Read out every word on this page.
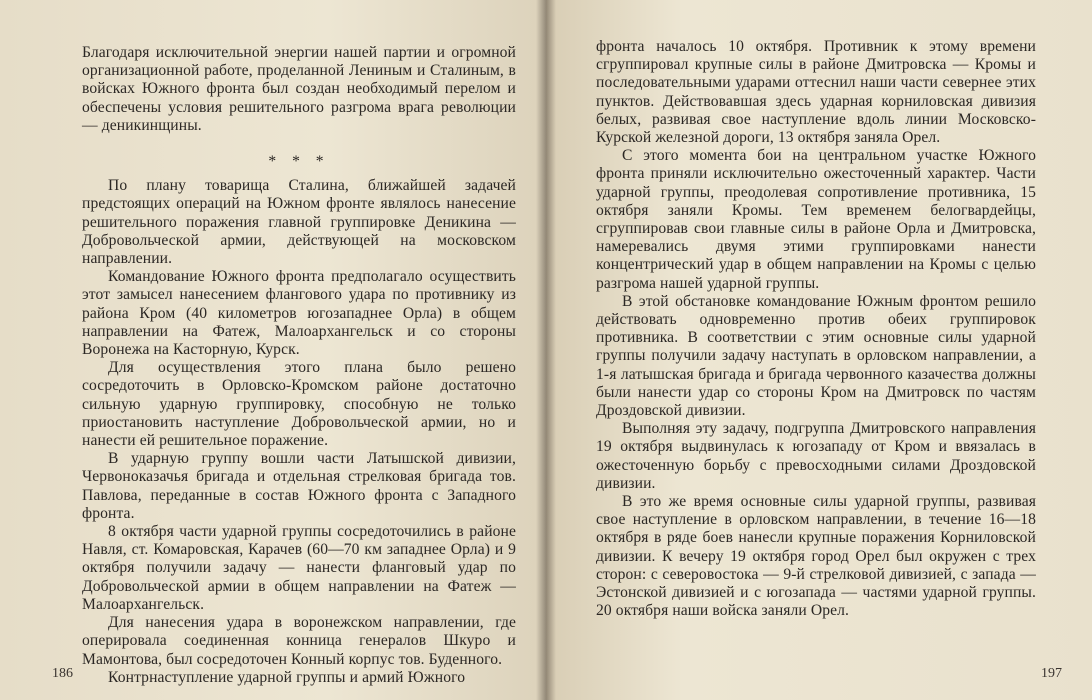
Благодаря исключительной энергии нашей партии и огромной организационной работе, проделанной Лениным и Сталиным, в войсках Южного фронта был создан необходимый перелом и обеспечены условия решительного разгрома врага революции — деникинщины.

* * *

По плану товарища Сталина, ближайшей задачей предстоящих операций на Южном фронте являлось нанесение решительного поражения главной группировке Деникина — Добровольческой армии, действующей на московском направлении.

Командование Южного фронта предполагало осуществить этот замысел нанесением флангового удара по противнику из района Кром (40 километров югозападнее Орла) в общем направлении на Фатеж, Малоархангельск и со стороны Воронежа на Касторную, Курск.

Для осуществления этого плана было решено сосредоточить в Орловско-Кромском районе достаточно сильную ударную группировку, способную не только приостановить наступление Добровольческой армии, но и нанести ей решительное поражение.

В ударную группу вошли части Латышской дивизии, Червоноказачья бригада и отдельная стрелковая бригада тов. Павлова, переданные в состав Южного фронта с Западного фронта.

8 октября части ударной группы сосредоточились в районе Навля, ст. Комаровская, Карачев (60—70 км западнее Орла) и 9 октября получили задачу — нанести фланговый удар по Добровольческой армии в общем направлении на Фатеж — Малоархангельск.

Для нанесения удара в воронежском направлении, где оперировала соединенная конница генералов Шкуро и Мамонтова, был сосредоточен Конный корпус тов. Буденного.

Контрнаступление ударной группы и армий Южного

186

фронта началось 10 октября. Противник к этому времени сгруппировал крупные силы в районе Дмитровска — Кромы и последовательными ударами оттеснил наши части севернее этих пунктов. Действовавшая здесь ударная корниловская дивизия белых, развивая свое наступление вдоль линии Московско-Курской железной дороги, 13 октября заняла Орел.

С этого момента бои на центральном участке Южного фронта приняли исключительно ожесточенный характер. Части ударной группы, преодолевая сопротивление противника, 15 октября заняли Кромы. Тем временем белогвардейцы, сгруппировав свои главные силы в районе Орла и Дмитровска, намеревались двумя этими группировками нанести концентрический удар в общем направлении на Кромы с целью разгрома нашей ударной группы.

В этой обстановке командование Южным фронтом решило действовать одновременно против обеих группировок противника. В соответствии с этим основные силы ударной группы получили задачу наступать в орловском направлении, а 1-я латышская бригада и бригада червонного казачества должны были нанести удар со стороны Кром на Дмитровск по частям Дроздовской дивизии.

Выполняя эту задачу, подгруппа Дмитровского направления 19 октября выдвинулась к югозападу от Кром и ввязалась в ожесточенную борьбу с превосходными силами Дроздовской дивизии.

В это же время основные силы ударной группы, развивая свое наступление в орловском направлении, в течение 16—18 октября в ряде боев нанесли крупные поражения Корниловской дивизии. К вечеру 19 октября город Орел был окружен с трех сторон: с северовостока — 9-й стрелковой дивизией, с запада — Эстонской дивизией и с югозапада — частями ударной группы. 20 октября наши войска заняли Орел.

197
